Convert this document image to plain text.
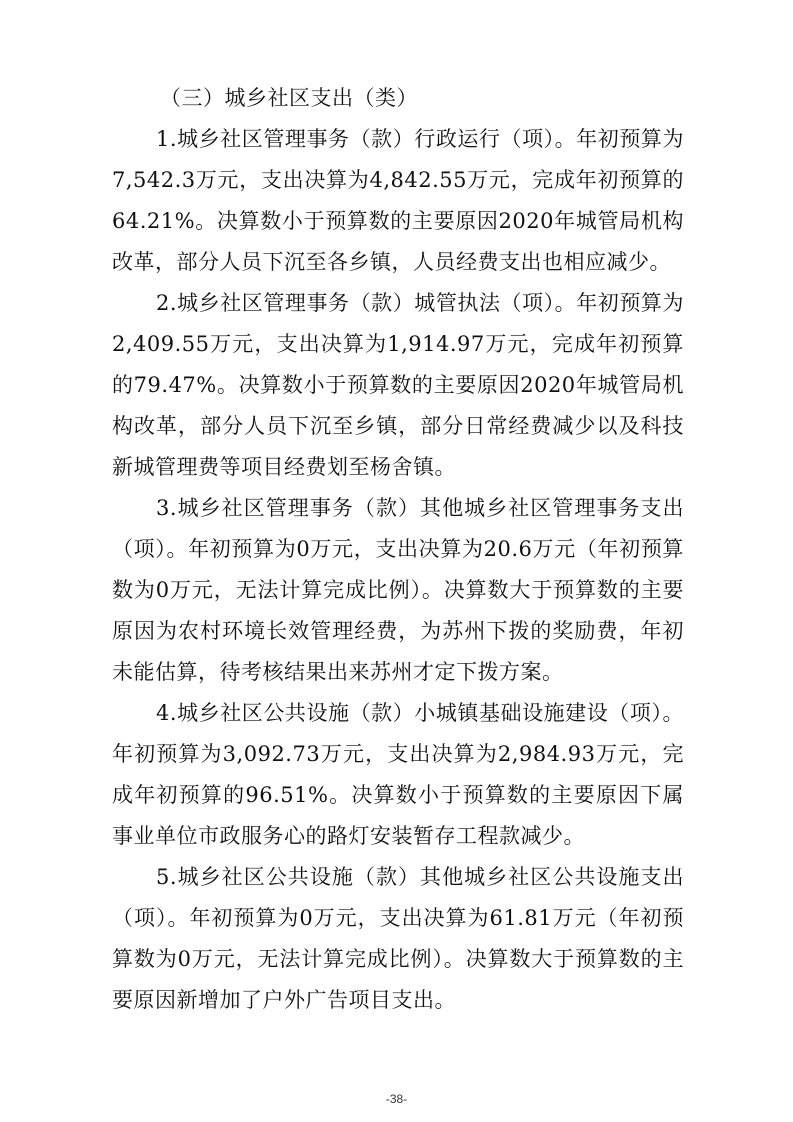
（三）城乡社区支出（类）

1.城乡社区管理事务（款）行政运行（项）。年初预算为7,542.3万元，支出决算为4,842.55万元，完成年初预算的64.21%。决算数小于预算数的主要原因2020年城管局机构改革，部分人员下沉至各乡镇，人员经费支出也相应减少。

2.城乡社区管理事务（款）城管执法（项）。年初预算为2,409.55万元，支出决算为1,914.97万元，完成年初预算的79.47%。决算数小于预算数的主要原因2020年城管局机构改革，部分人员下沉至乡镇，部分日常经费减少以及科技新城管理费等项目经费划至杨舍镇。

3.城乡社区管理事务（款）其他城乡社区管理事务支出（项）。年初预算为0万元，支出决算为20.6万元（年初预算数为0万元，无法计算完成比例）。决算数大于预算数的主要原因为农村环境长效管理经费，为苏州下拨的奖励费，年初未能估算，待考核结果出来苏州才定下拨方案。

4.城乡社区公共设施（款）小城镇基础设施建设（项）。年初预算为3,092.73万元，支出决算为2,984.93万元，完成年初预算的96.51%。决算数小于预算数的主要原因下属事业单位市政服务心的路灯安装暂存工程款减少。

5.城乡社区公共设施（款）其他城乡社区公共设施支出（项）。年初预算为0万元，支出决算为61.81万元（年初预算数为0万元，无法计算完成比例）。决算数大于预算数的主要原因新增加了户外广告项目支出。

-38-
